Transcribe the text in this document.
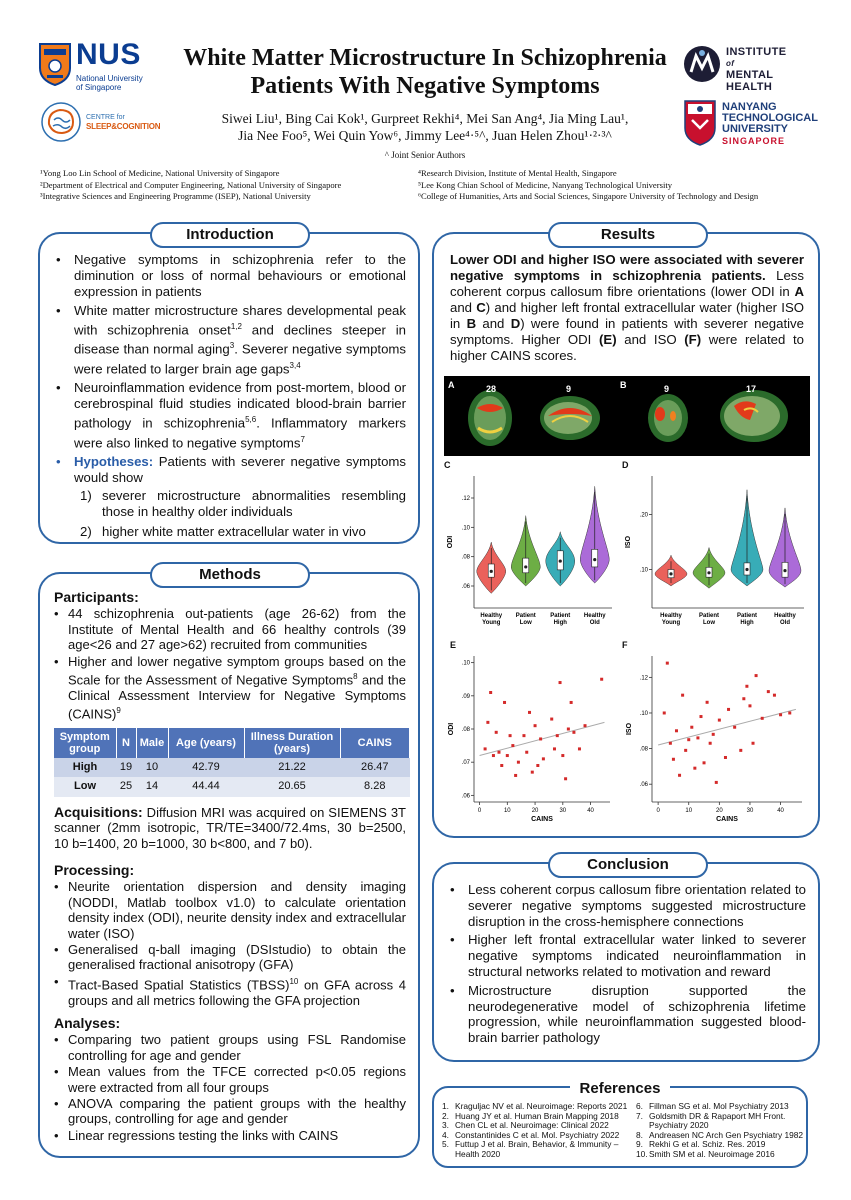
NUS
National University
of Singapore
CENTRE for
SLEEP&COGNITION
White Matter Microstructure In Schizophrenia
Patients With Negative Symptoms
Siwei Liu¹, Bing Cai Kok¹, Gurpreet Rekhi⁴, Mei San Ang⁴, Jia Ming Lau¹,
Jia Nee Foo⁵, Wei Quin Yow⁶, Jimmy Lee⁴·⁵^, Juan Helen Zhou¹·²·³^
^ Joint Senior Authors
¹Yong Loo Lin School of Medicine, National University of Singapore
²Department of Electrical and Computer Engineering, National University of Singapore
³Integrative Sciences and Engineering Programme (ISEP), National University
⁴Research Division, Institute of Mental Health, Singapore
⁵Lee Kong Chian School of Medicine, Nanyang Technological University
⁶College of Humanities, Arts and Social Sciences, Singapore University of Technology and Design
INSTITUTE
of
MENTAL HEALTH
NANYANG
TECHNOLOGICAL
UNIVERSITY
SINGAPORE
Introduction
• Negative symptoms in schizophrenia refer to the diminution or loss of normal behaviours or emotional expression in patients
• White matter microstructure shares developmental peak with schizophrenia onset$^{1,2}$ and declines steeper in disease than normal aging$^3$. Severer negative symptoms were related to larger brain age gaps$^{3,4}$
• Neuroinflammation evidence from post-mortem, blood or cerebrospinal fluid studies indicated blood-brain barrier pathology in schizophrenia$^{5,6}$. Inflammatory markers were also linked to negative symptoms$^7$
• Hypotheses: Patients with severer negative symptoms would show
1) severer microstructure abnormalities resembling those in healthy older individuals
2) higher white matter extracellular water in vivo
Methods
Participants:
• 44 schizophrenia out-patients (age 26-62) from the Institute of Mental Health and 66 healthy controls (39 age<26 and 27 age>62) recruited from communities
• Higher and lower negative symptom groups based on the Scale for the Assessment of Negative Symptoms$^8$ and the Clinical Assessment Interview for Negative Symptoms (CAINS)$^9$
Symptom group	N	Male	Age (years)	Illness Duration (years)	CAINS
High	19	10	42.79	21.22	26.47
Low	25	14	44.44	20.65	8.28
Acquisitions: Diffusion MRI was acquired on SIEMENS 3T scanner (2mm isotropic, TR/TE=3400/72.4ms, 30 b=2500, 10 b=1400, 20 b=1000, 30 b<800, and 7 b0).
Processing:
• Neurite orientation dispersion and density imaging (NODDI, Matlab toolbox v1.0) to calculate orientation density index (ODI), neurite density index and extracellular water (ISO)
• Generalised q-ball imaging (DSIstudio) to obtain the generalised fractional anisotropy (GFA)
• Tract-Based Spatial Statistics (TBSS)$^{10}$ on GFA across 4 groups and all metrics following the GFA projection
Analyses:
• Comparing two patient groups using FSL Randomise controlling for age and gender
• Mean values from the TFCE corrected p<0.05 regions were extracted from all four groups
• ANOVA comparing the patient groups with the healthy groups, controlling for age and gender
• Linear regressions testing the links with CAINS
Results
Lower ODI and higher ISO were associated with severer negative symptoms in schizophrenia patients. Less coherent corpus callosum fibre orientations (lower ODI in A and C) and higher left frontal extracellular water (higher ISO in B and D) were found in patients with severer negative symptoms. Higher ODI (E) and ISO (F) were related to higher CAINS scores.
A	28	9	B	9	17
C
.06
.08
.10
.12
ODI
Healthy
Young
Patient
Low
Patient
High
Healthy
Old
D
.10
.20
ISO
Healthy
Young
Patient
Low
Patient
High
Healthy
Old
E
.06
.07
.08
.09
.10
0	10	20	30	40
CAINS
ODI
F
.06
.08
.10
.12
0	10	20	30	40
CAINS
ISO
Conclusion
• Less coherent corpus callosum fibre orientation related to severer negative symptoms suggested microstructure disruption in the cross-hemisphere connections
• Higher left frontal extracellular water linked to severer negative symptoms indicated neuroinflammation in structural networks related to motivation and reward
• Microstructure disruption supported the neurodegenerative model of schizophrenia lifetime progression, while neuroinflammation suggested blood-brain barrier pathology
References
1. Kraguljac NV et al. Neuroimage: Reports 2021
2. Huang JY et al. Human Brain Mapping 2018
3. Chen CL et al. Neuroimage: Clinical 2022
4. Constantinides C et al. Mol. Psychiatry 2022
5. Futtup J et al. Brain, Behavior, & Immunity – Health 2020
6. Fillman SG et al. Mol Psychiatry 2013
7. Goldsmith DR & Rapaport MH Front. Psychiatry 2020
8. Andreasen NC Arch Gen Psychiatry 1982
9. Rekhi G et al. Schiz. Res. 2019
10. Smith SM et al. Neuroimage 2016
